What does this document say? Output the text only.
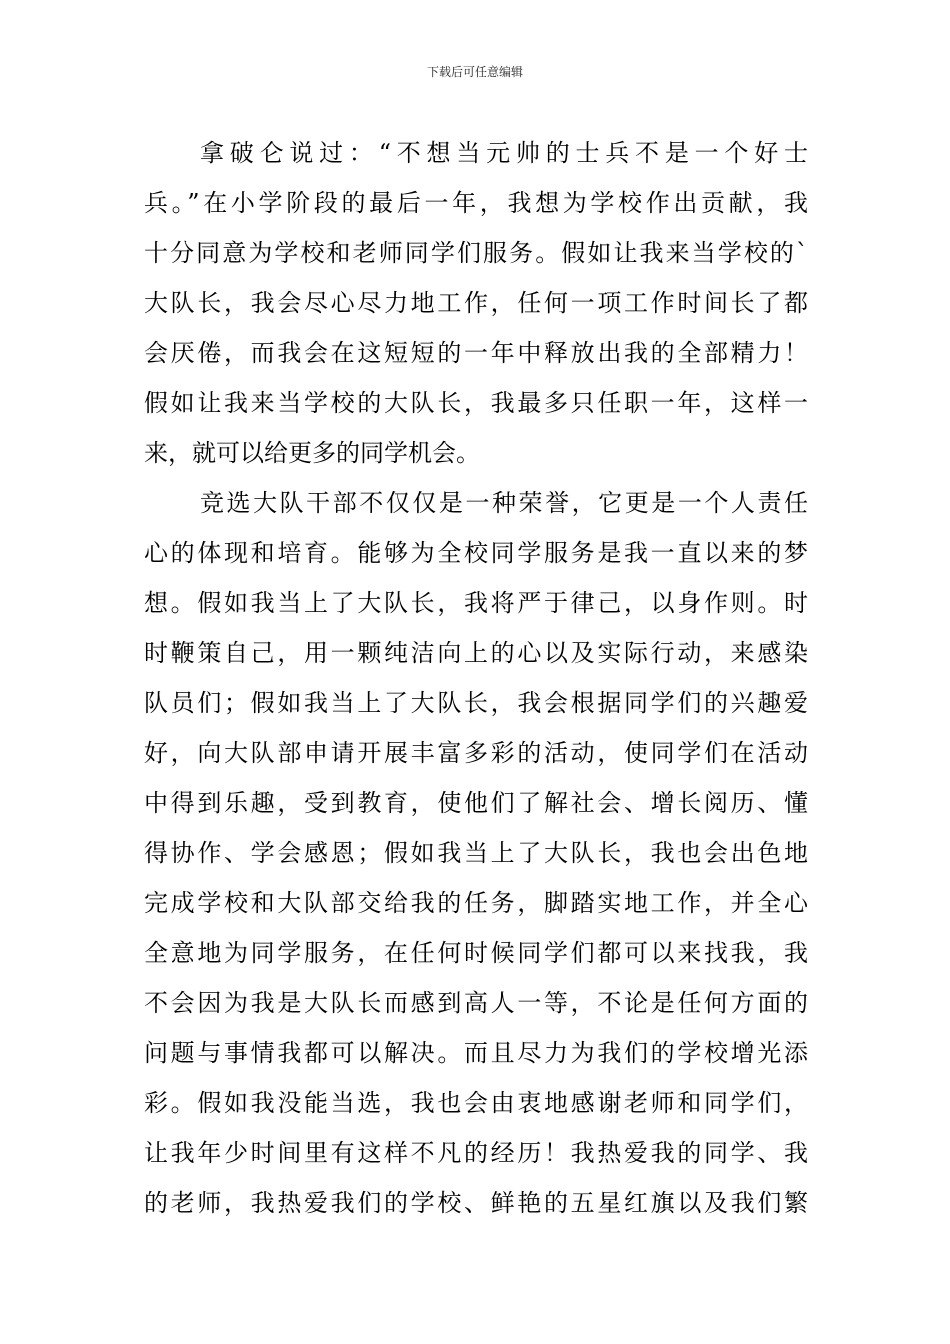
下载后可任意编辑
拿破仑说过：“不想当元帅的士兵不是一个好士
兵。”在小学阶段的最后一年，我想为学校作出贡献，我
十分同意为学校和老师同学们服务。假如让我来当学校的`
大队长，我会尽心尽力地工作，任何一项工作时间长了都
会厌倦，而我会在这短短的一年中释放出我的全部精力！
假如让我来当学校的大队长，我最多只任职一年，这样一
来，就可以给更多的同学机会。
竞选大队干部不仅仅是一种荣誉，它更是一个人责任
心的体现和培育。能够为全校同学服务是我一直以来的梦
想。假如我当上了大队长，我将严于律己，以身作则。时
时鞭策自己，用一颗纯洁向上的心以及实际行动，来感染
队员们；假如我当上了大队长，我会根据同学们的兴趣爱
好，向大队部申请开展丰富多彩的活动，使同学们在活动
中得到乐趣，受到教育，使他们了解社会、增长阅历、懂
得协作、学会感恩；假如我当上了大队长，我也会出色地
完成学校和大队部交给我的任务，脚踏实地工作，并全心
全意地为同学服务，在任何时候同学们都可以来找我，我
不会因为我是大队长而感到高人一等，不论是任何方面的
问题与事情我都可以解决。而且尽力为我们的学校增光添
彩。假如我没能当选，我也会由衷地感谢老师和同学们，
让我年少时间里有这样不凡的经历！我热爱我的同学、我
的老师，我热爱我们的学校、鲜艳的五星红旗以及我们繁
